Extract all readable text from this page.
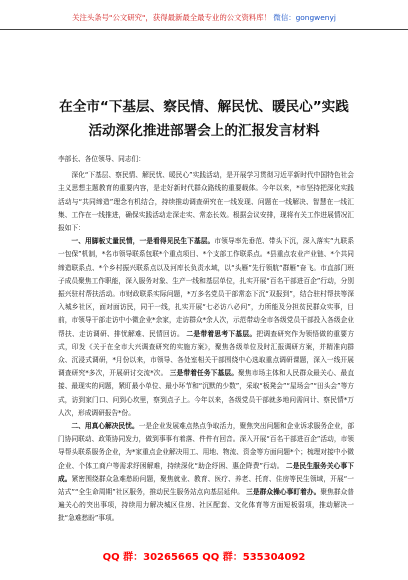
关注头条号"公文研究"，获得最新最全最专业的公文资料库！ 微信：gongwenyj
在全市“下基层、察民情、解民忧、暖民心”实践
活动深化推进部署会上的汇报发言材料
李部长、各位领导、同志们：

深化“下基层、察民情、解民忧、暖民心”实践活动，是开展学习贯彻习近平新时代中国特色社会主义思想主题教育的重要内容，是走好新时代群众路线的重要载体。今年以来，*市坚持把深化实践活动与“共同缔造”理念有机结合，持续推动调查研究在一线发现、问题在一线解决、智慧在一线汇集、工作在一线推进，确保实践活动走深走实、常态长效。根据会议安排，现将有关工作进展情况汇报如下：

一、用脚板丈量民情，一是看得见民生下基层。市领导率先垂范、带头下沉，深入落实“九联系一包保”机制，*名市领导联系包联*个重点项目、*个支部工作联系点。*县重点农业产业链、*个共同缔造联系点、*个乡村振兴联系点以及河库长负责水域，以“头雁”先行领航“群雁”奋飞。市直部门班子成员聚焦工作职能，深入服务对象、生产一线和基层单位，扎实开展“百名干部进百企”行动，分别振兴驻村帮扶活动。市财政联系实际问题，*万多名党员干部常态下沉“双报到”，结合驻村帮扶等深入城乡社区，面对面访民，同干一线，扎实开展“七必访八必问”，力所能及分担贫民群众实事，目前，市领导干部走访中小微企业*余家，走访群众*余人次，示范带动全市各级党员干部投入各级企业帮扶、走访调研、排忧解难、民情回访。 二是带着思考下基层。把调查研究作为领悟做的重要方式，印发《关于在全市大兴调查研究的实施方案》，聚焦各级单位及时汇报调研方案，并精准向群众、沉浸式调研，*月份以来，市领导、各处室相关干部围绕中心选取重点调研课题，深入一线开展调查研究*多次，开展研讨交流*次。 三是带着任务下基层。聚焦市场主体和人民群众最关心、最直接、最现实的问题，紧盯最小单位、最小环节和“沉默的少数”，采取“板凳会”“屋场会”“田头会”等方式，访到家门口、问到心坎里，察到点子上。今年以来，各级党员干部就多地问需问计、察民情*万人次，形成调研报告*份。

二、用真心解决民忧。一是企业发展难点热点争取活力，聚焦突出问题和企业诉求服务企业，部门协同联动、政策协同发力，做到事事有着落、件件有回音。深入开展“百名干部进百企”活动，市领导帮头联系服务企业，为*家重点企业解决用工、用地、物流、资金等方面问题*个；梳理对接中小微企业、个体工商户等需求纾困解难，持续深化“助企纾困、惠企降费”行动。 二是民生服务关心事下成。紧密围绕群众急难愁盼问题，聚焦就业、教育、医疗、养老、托育、住房等民生领域，开展“一站式”“全生命周期”社区服务，推动民生服务站点向基层延伸。 三是群众操心事盯着办。聚焦群众普遍关心的突出事项，持续用力解决城区住房、社区配套、文化体育等方面短板弱项，推动解决一批“急难愁盼”事项。

QQ 群：30265665 QQ 群：535304092
